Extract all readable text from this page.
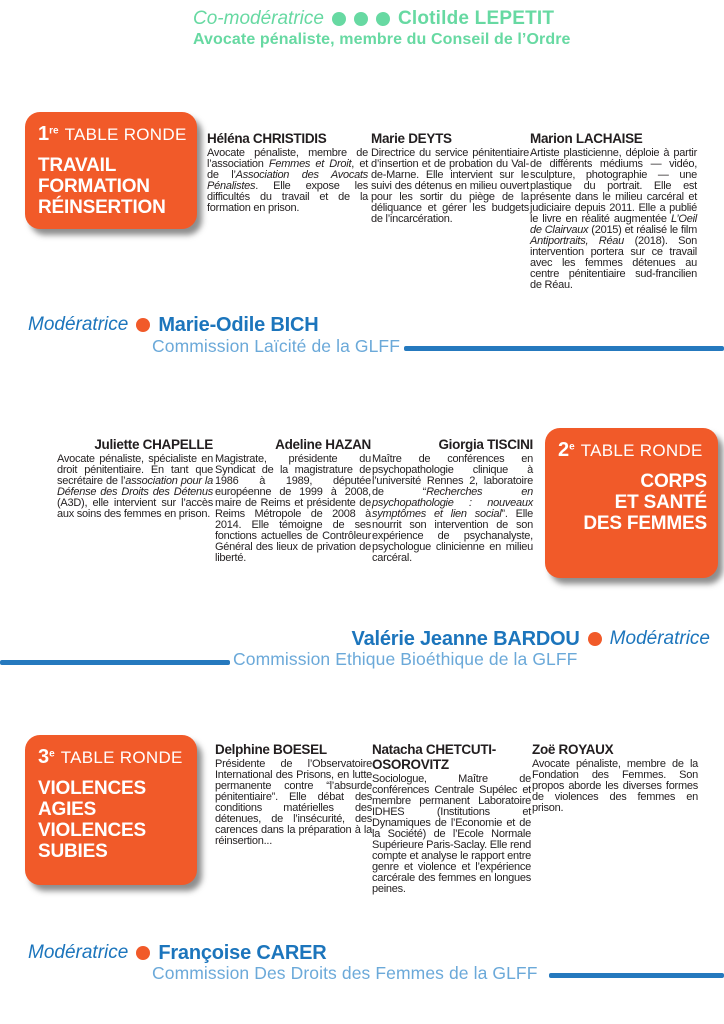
Co-modératrice	Clotilde LEPETIT
Avocate pénaliste, membre du Conseil de l’Ordre
1re TABLE RONDE
TRAVAIL
FORMATION
RÉINSERTION
Héléna CHRISTIDIS

Avocate pénaliste, membre de l’association Femmes et Droit, et de l’Association des Avocats Pénalistes. Elle expose les difficultés du travail et de la formation en prison.

Marie DEYTS

Directrice du service pénitentiaire d’insertion et de probation du Val-de-Marne. Elle intervient sur le suivi des détenus en milieu ouvert pour les sortir du piège de la déliquance et gérer les budgets de l’incarcération.

Marion LACHAISE

Artiste plasticienne, déploie à partir de différents médiums — vidéo, sculpture, photographie — une plastique du portrait. Elle est présente dans le milieu carcéral et judiciaire depuis 2011. Elle a publié le livre en réalité augmentée L’Oeil de Clairvaux (2015) et réalisé le film Antiportraits, Réau (2018). Son intervention portera sur ce travail avec les femmes détenues au centre pénitentiaire sud-francilien de Réau.

Modératrice Marie-Odile BICH
Commission Laïcité de la GLFF
Juliette CHAPELLE

Avocate pénaliste, spécialiste en droit pénitentiaire. En tant que secrétaire de l’association pour la Défense des Droits des Détenus (A3D), elle intervient sur l’accès aux soins des femmes en prison.

Adeline HAZAN

Magistrate, présidente du Syndicat de la magistrature de 1986 à 1989, députée européenne de 1999 à 2008, maire de Reims et présidente de Reims Métropole de 2008 à 2014. Elle témoigne de ses fonctions actuelles de Contrôleur Général des lieux de privation de liberté.

Giorgia TISCINI

Maître de conférences en psychopathologie clinique à l’université Rennes 2, laboratoire de “Recherches en psychopathologie : nouveaux symptômes et lien social”. Elle nourrit son intervention de son expérience de psychanalyste, psychologue clinicienne en milieu carcéral.

2e TABLE RONDE
CORPS
ET SANTÉ
DES FEMMES
Valérie Jeanne BARDOU Modératrice
Commission Ethique Bioéthique de la GLFF
3e TABLE RONDE
VIOLENCES
AGIES
VIOLENCES
SUBIES
Delphine BOESEL

Présidente de l’Observatoire International des Prisons, en lutte permanente contre “l’absurde pénitentiaire”. Elle débat des conditions matérielles des détenues, de l’insécurité, des carences dans la préparation à la réinsertion...

Natacha CHETCUTI-OSOROVITZ

Sociologue, Maître de conférences Centrale Supélec et membre permanent Laboratoire IDHES (Institutions et Dynamiques de l’Economie et de la Société) de l’Ecole Normale Supérieure Paris-Saclay. Elle rend compte et analyse le rapport entre genre et violence et l’expérience carcérale des femmes en longues peines.

Zoë ROYAUX

Avocate pénaliste, membre de la Fondation des Femmes. Son propos aborde les diverses formes de violences des femmes en prison.

Modératrice Françoise CARER
Commission Des Droits des Femmes de la GLFF
